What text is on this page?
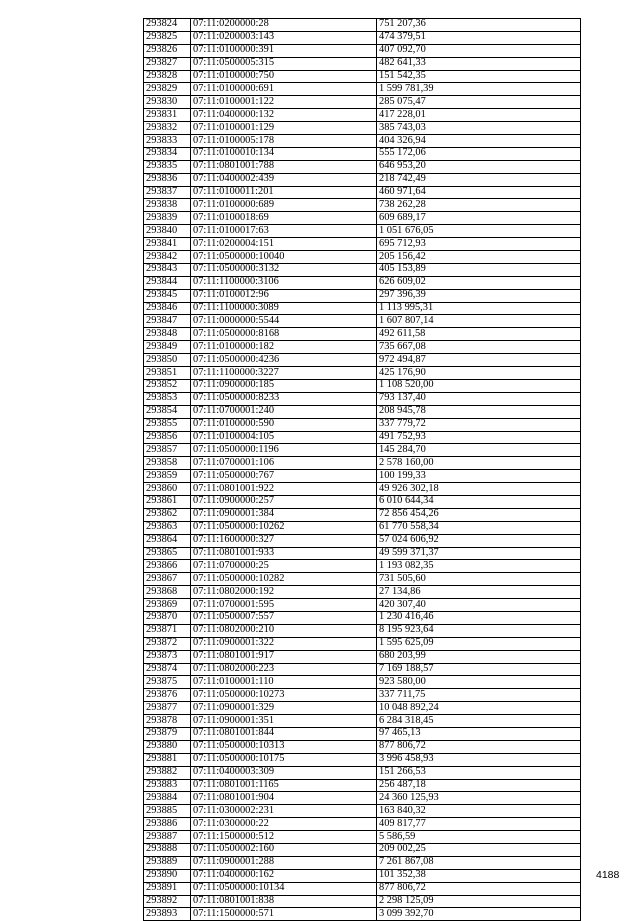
293824	07:11:0200000:28	751 207,36
293825	07:11:0200003:143	474 379,51
293826	07:11:0100000:391	407 092,70
293827	07:11:0500005:315	482 641,33
293828	07:11:0100000:750	151 542,35
293829	07:11:0100000:691	1 599 781,39
293830	07:11:0100001:122	285 075,47
293831	07:11:0400000:132	417 228,01
293832	07:11:0100001:129	385 743,03
293833	07:11:0100005:178	404 326,94
293834	07:11:0100010:134	555 172,06
293835	07:11:0801001:788	646 953,20
293836	07:11:0400002:439	218 742,49
293837	07:11:0100011:201	460 971,64
293838	07:11:0100000:689	738 262,28
293839	07:11:0100018:69	609 689,17
293840	07:11:0100017:63	1 051 676,05
293841	07:11:0200004:151	695 712,93
293842	07:11:0500000:10040	205 156,42
293843	07:11:0500000:3132	405 153,89
293844	07:11:1100000:3106	626 609,02
293845	07:11:0100012:96	297 396,39
293846	07:11:1100000:3089	1 113 995,31
293847	07:11:0000000:5544	1 607 807,14
293848	07:11:0500000:8168	492 611,58
293849	07:11:0100000:182	735 667,08
293850	07:11:0500000:4236	972 494,87
293851	07:11:1100000:3227	425 176,90
293852	07:11:0900000:185	1 108 520,00
293853	07:11:0500000:8233	793 137,40
293854	07:11:0700001:240	208 945,78
293855	07:11:0100000:590	337 779,72
293856	07:11:0100004:105	491 752,93
293857	07:11:0500000:1196	145 284,70
293858	07:11:0700001:106	2 578 160,00
293859	07:11:0500000:767	100 199,33
293860	07:11:0801001:922	49 926 302,18
293861	07:11:0900000:257	6 010 644,34
293862	07:11:0900001:384	72 856 454,26
293863	07:11:0500000:10262	61 770 558,34
293864	07:11:1600000:327	57 024 606,92
293865	07:11:0801001:933	49 599 371,37
293866	07:11:0700000:25	1 193 082,35
293867	07:11:0500000:10282	731 505,60
293868	07:11:0802000:192	27 134,86
293869	07:11:0700001:595	420 307,40
293870	07:11:0500007:557	1 230 416,46
293871	07:11:0802000:210	8 195 923,64
293872	07:11:0900001:322	1 595 625,09
293873	07:11:0801001:917	680 203,99
293874	07:11:0802000:223	7 169 188,57
293875	07:11:0100001:110	923 580,00
293876	07:11:0500000:10273	337 711,75
293877	07:11:0900001:329	10 048 892,24
293878	07:11:0900001:351	6 284 318,45
293879	07:11:0801001:844	97 465,13
293880	07:11:0500000:10313	877 806,72
293881	07:11:0500000:10175	3 996 458,93
293882	07:11:0400003:309	151 266,53
293883	07:11:0801001:1165	256 487,18
293884	07:11:0801001:904	24 360 125,93
293885	07:11:0300002:231	163 840,32
293886	07:11:0300000:22	409 817,77
293887	07:11:1500000:512	5 586,59
293888	07:11:0500002:160	209 002,25
293889	07:11:0900001:288	7 261 867,08
293890	07:11:0400000:162	101 352,38
293891	07:11:0500000:10134	877 806,72
293892	07:11:0801001:838	2 298 125,09
293893	07:11:1500000:571	3 099 392,70
4188
